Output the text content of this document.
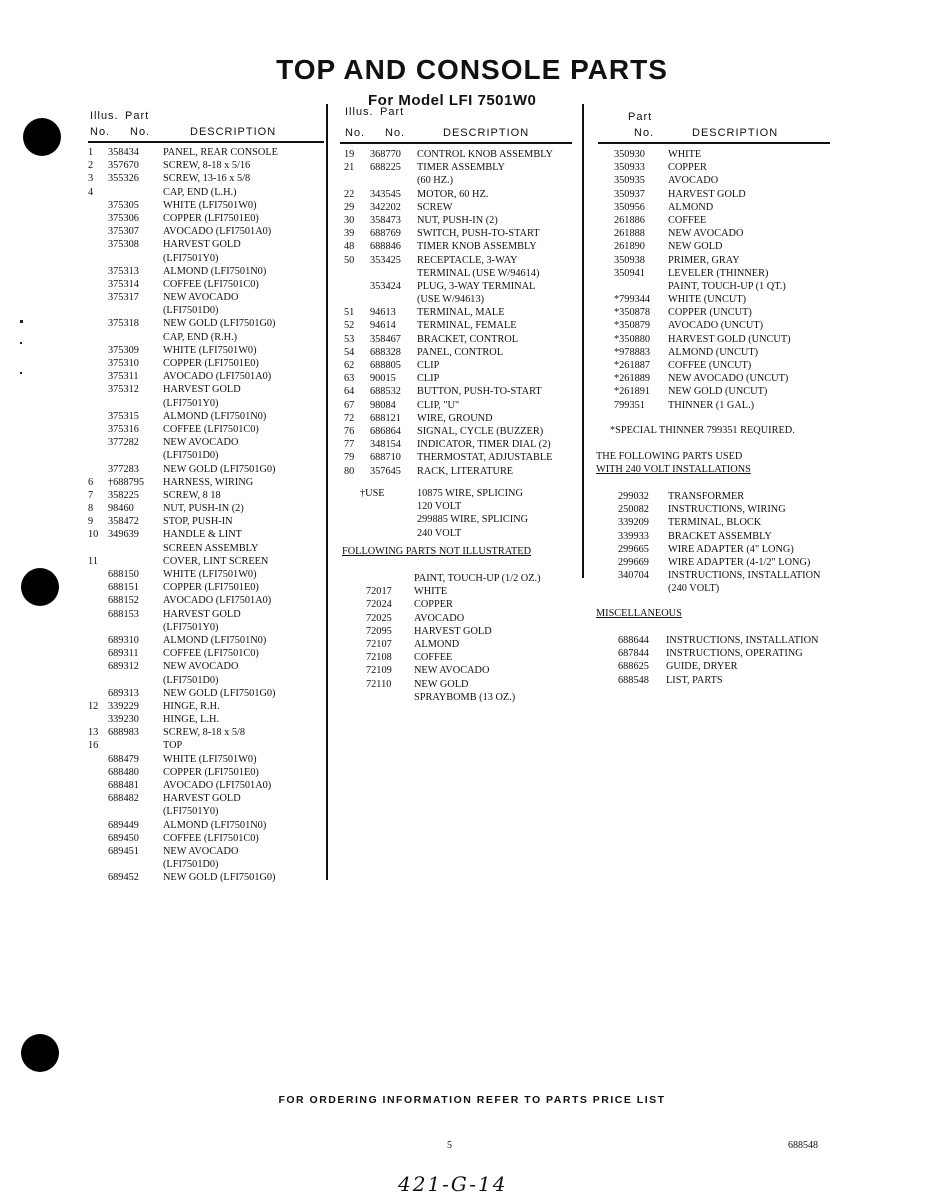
TOP AND CONSOLE PARTS
For Model LFI 7501W0
Illus. Part
No. No.	DESCRIPTION
Illus. Part
No. No.	DESCRIPTION
Part
No.	DESCRIPTION
1 358434 PANEL, REAR CONSOLE
2 357670 SCREW, 8-18 x 5/16
3 355326 SCREW, 13-16 x 5/8
4	CAP, END (L.H.)
375305 WHITE (LFI7501W0)
375306 COPPER (LFI7501E0)
375307 AVOCADO (LFI7501A0)
375308 HARVEST GOLD
(LFI7501Y0)
375313 ALMOND (LFI7501N0)
375314 COFFEE (LFI7501C0)
375317 NEW AVOCADO
(LFI7501D0)
375318 NEW GOLD (LFI7501G0)
CAP, END (R.H.)
375309 WHITE (LFI7501W0)
375310 COPPER (LFI7501E0)
375311 AVOCADO (LFI7501A0)
375312 HARVEST GOLD
(LFI7501Y0)
375315 ALMOND (LFI7501N0)
375316 COFFEE (LFI7501C0)
377282 NEW AVOCADO
(LFI7501D0)
377283 NEW GOLD (LFI7501G0)
6 †688795 HARNESS, WIRING
7 358225 SCREW, 8 18
8 98460	NUT, PUSH-IN (2)
9 358472 STOP, PUSH-IN
10 349639 HANDLE & LINT
SCREEN ASSEMBLY
11	COVER, LINT SCREEN
688150 WHITE (LFI7501W0)
688151 COPPER (LFI7501E0)
688152 AVOCADO (LFI7501A0)
688153 HARVEST GOLD
(LFI7501Y0)
689310 ALMOND (LFI7501N0)
689311 COFFEE (LFI7501C0)
689312 NEW AVOCADO
(LFI7501D0)
689313 NEW GOLD (LFI7501G0)
12 339229 HINGE, R.H.
339230 HINGE, L.H.
13 688983 SCREW, 8-18 x 5/8
16	TOP
688479 WHITE (LFI7501W0)
688480 COPPER (LFI7501E0)
688481 AVOCADO (LFI7501A0)
688482 HARVEST GOLD
(LFI7501Y0)
689449 ALMOND (LFI7501N0)
689450 COFFEE (LFI7501C0)
689451 NEW AVOCADO
(LFI7501D0)
689452 NEW GOLD (LFI7501G0)
19 368770 CONTROL KNOB ASSEMBLY
21 688225 TIMER ASSEMBLY
(60 HZ.)
22 343545 MOTOR, 60 HZ.
29 342202 SCREW
30 358473 NUT, PUSH-IN (2)
39 688769 SWITCH, PUSH-TO-START
48 688846 TIMER KNOB ASSEMBLY
50 353425 RECEPTACLE, 3-WAY
TERMINAL (USE W/94614)
353424 PLUG, 3-WAY TERMINAL
(USE W/94613)
51 94613 TERMINAL, MALE
52 94614 TERMINAL, FEMALE
53 358467 BRACKET, CONTROL
54 688328 PANEL, CONTROL
62 688805 CLIP
63 90015 CLIP
64 688532 BUTTON, PUSH-TO-START
67 98084 CLIP, "U"
72 688121 WIRE, GROUND
76 686864 SIGNAL, CYCLE (BUZZER)
77 348154 INDICATOR, TIMER DIAL (2)
79 688710 THERMOSTAT, ADJUSTABLE
80 357645 RACK, LITERATURE
†USE	10875 WIRE, SPLICING
120 VOLT
299885 WIRE, SPLICING
240 VOLT
FOLLOWING PARTS NOT ILLUSTRATED
PAINT, TOUCH-UP (1/2 OZ.)
72017 WHITE
72024 COPPER
72025 AVOCADO
72095 HARVEST GOLD
72107 ALMOND
72108 COFFEE
72109 NEW AVOCADO
72110 NEW GOLD
SPRAYBOMB (13 OZ.)
350930 WHITE
350933 COPPER
350935 AVOCADO
350937 HARVEST GOLD
350956 ALMOND
261886 COFFEE
261888 NEW AVOCADO
261890 NEW GOLD
350938 PRIMER, GRAY
350941 LEVELER (THINNER)
PAINT, TOUCH-UP (1 QT.)
*799344 WHITE (UNCUT)
*350878 COPPER (UNCUT)
*350879 AVOCADO (UNCUT)
*350880 HARVEST GOLD (UNCUT)
*978883 ALMOND (UNCUT)
*261887 COFFEE (UNCUT)
*261889 NEW AVOCADO (UNCUT)
*261891 NEW GOLD (UNCUT)
799351 THINNER (1 GAL.)
*SPECIAL THINNER 799351 REQUIRED.
THE FOLLOWING PARTS USED
WITH 240 VOLT INSTALLATIONS
299032 TRANSFORMER
250082 INSTRUCTIONS, WIRING
339209 TERMINAL, BLOCK
339933 BRACKET ASSEMBLY
299665 WIRE ADAPTER (4" LONG)
299669 WIRE ADAPTER (4-1/2" LONG)
340704 INSTRUCTIONS, INSTALLATION
(240 VOLT)
MISCELLANEOUS
688644 INSTRUCTIONS, INSTALLATION
687844 INSTRUCTIONS, OPERATING
688625 GUIDE, DRYER
688548 LIST, PARTS
FOR ORDERING INFORMATION REFER TO PARTS PRICE LIST
5	688548
421-G-14
